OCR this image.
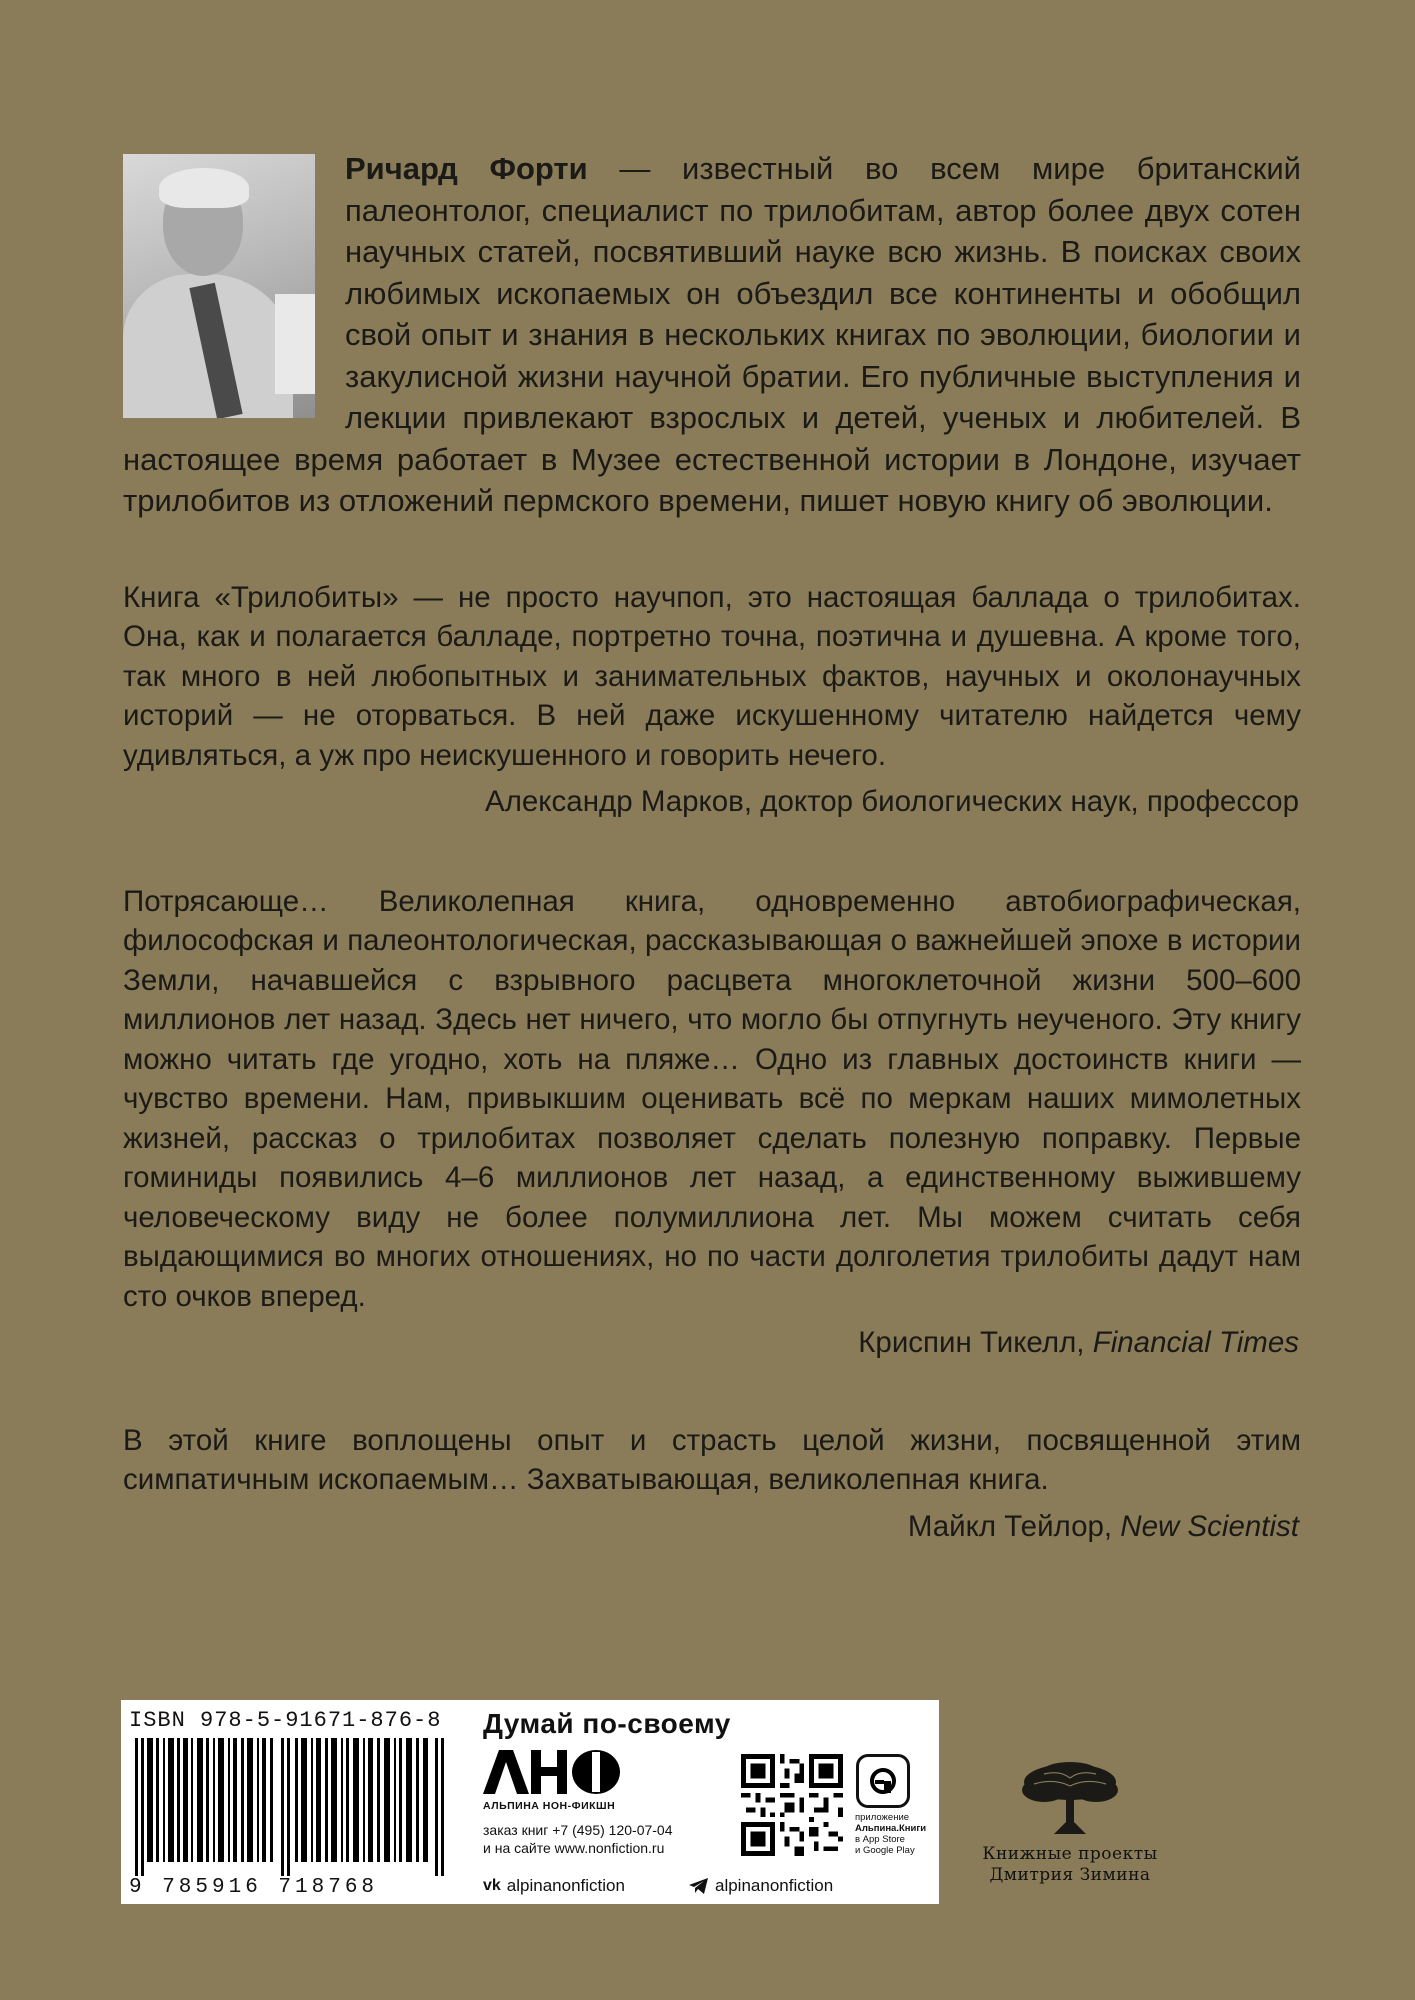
Ричард Форти — известный во всем мире британский палеонтолог, специалист по трилобитам, автор более двух сотен научных статей, посвятивший науке всю жизнь. В поисках своих любимых ископаемых он объездил все континенты и обобщил свой опыт и знания в нескольких книгах по эволюции, биологии и закулисной жизни научной братии. Его публичные выступления и лекции привлекают взрослых и детей, ученых и любителей. В настоящее время работает в Музее естественной истории в Лондоне, изучает трилобитов из отложений пермского времени, пишет новую книгу об эволюции.

Книга «Трилобиты» — не просто научпоп, это настоящая баллада о трилобитах. Она, как и полагается балладе, портретно точна, поэтична и душевна. А кроме того, так много в ней любопытных и занимательных фактов, научных и околонаучных историй — не оторваться. В ней даже искушенному читателю найдется чему удивляться, а уж про неискушенного и говорить нечего.

Александр Марков, доктор биологических наук, профессор

Потрясающе… Великолепная книга, одновременно автобиографическая, философская и палеонтологическая, рассказывающая о важнейшей эпохе в истории Земли, начавшейся с взрывного расцвета многоклеточной жизни 500–600 миллионов лет назад. Здесь нет ничего, что могло бы отпугнуть неученого. Эту книгу можно читать где угодно, хоть на пляже… Одно из главных достоинств книги — чувство времени. Нам, привыкшим оценивать всё по меркам наших мимолетных жизней, рассказ о трилобитах позволяет сделать полезную поправку. Первые гоминиды появились 4–6 миллионов лет назад, а единственному выжившему человеческому виду не более полумиллиона лет. Мы можем считать себя выдающимися во многих отношениях, но по части долголетия трилобиты дадут нам сто очков вперед.

Криспин Тикелл, Financial Times

В этой книге воплощены опыт и страсть целой жизни, посвященной этим симпатичным ископаемым… Захватывающая, великолепная книга.

Майкл Тейлор, New Scientist
ISBN 978-5-91671-876-8
9 785916 718768
Думай по-своему
АЛЬПИНА НОН-ФИКШН
заказ книг +7 (495) 120-07-04
и на сайте www.nonfiction.ru
приложение
Альпина.Книги
в App Store
и Google Play
vk alpinanonfiction	alpinanonfiction
Книжные проекты
Дмитрия Зимина
